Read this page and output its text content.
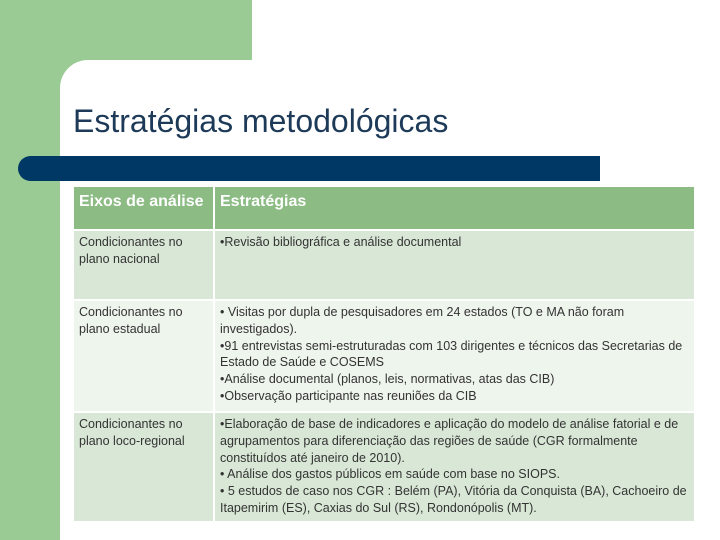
Estratégias metodológicas
Eixos de análise	Estratégias
Condicionantes no plano nacional	•Revisão bibliográfica e análise documental

Condicionantes no plano estadual	• Visitas por dupla de pesquisadores em 24 estados (TO e MA não foram investigados).
•91 entrevistas semi-estruturadas com 103 dirigentes e técnicos das Secretarias de Estado de Saúde e COSEMS
•Análise documental (planos, leis, normativas, atas das CIB)
•Observação participante nas reuniões da CIB

Condicionantes no plano loco-regional	•Elaboração de base de indicadores e aplicação do modelo de análise fatorial e de agrupamentos para diferenciação das regiões de saúde (CGR formalmente constituídos até janeiro de 2010).
• Análise dos gastos públicos em saúde com base no SIOPS.
• 5 estudos de caso nos CGR : Belém (PA), Vitória da Conquista (BA), Cachoeiro de Itapemirim (ES), Caxias do Sul (RS), Rondonópolis (MT).
